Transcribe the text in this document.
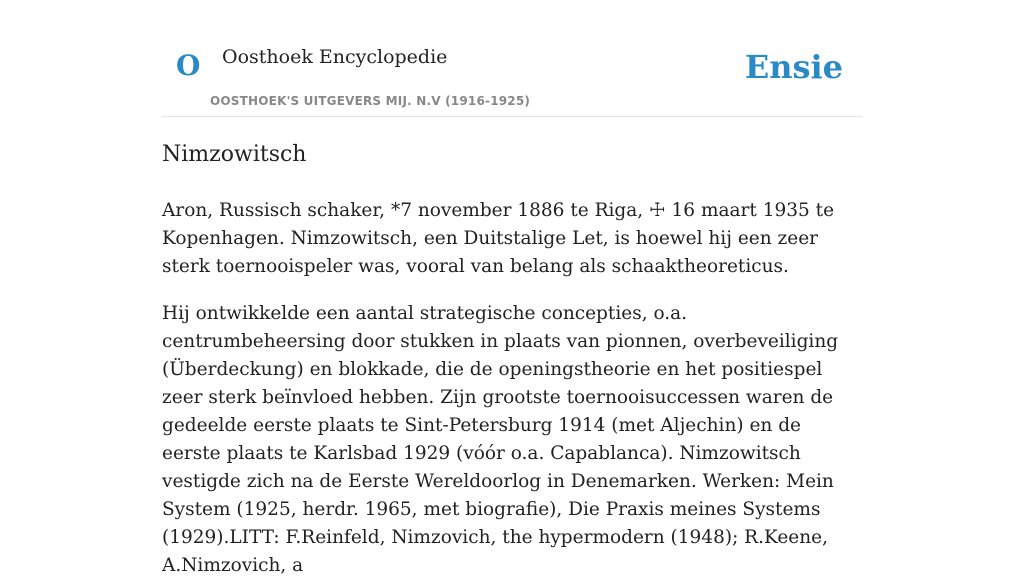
O Oosthoek Encyclopedie
OOSTHOEK'S UITGEVERS MIJ. N.V (1916-1925)
Ensie
Nimzowitsch

Aron, Russisch schaker, *7 november 1886 te Riga, ☩ 16 maart 1935 te Kopenhagen. Nimzowitsch, een Duitstalige Let, is hoewel hij een zeer sterk toernooispeler was, vooral van belang als schaaktheoreticus.

Hij ontwikkelde een aantal strategische concepties, o.a. centrumbeheersing door stukken in plaats van pionnen, overbeveiliging (Überdeckung) en blokkade, die de openingstheorie en het positiespel zeer sterk beïnvloed hebben. Zijn grootste toernooisuccessen waren de gedeelde eerste plaats te Sint-Petersburg 1914 (met Aljechin) en de eerste plaats te Karlsbad 1929 (vóór o.a. Capablanca). Nimzowitsch vestigde zich na de Eerste Wereldoorlog in Denemarken. Werken: Mein System (1925, herdr. 1965, met biografie), Die Praxis meines Systems (1929).LITT: F.Reinfeld, Nimzovich, the hypermodern (1948); R.Keene, A.Nimzovich, a
